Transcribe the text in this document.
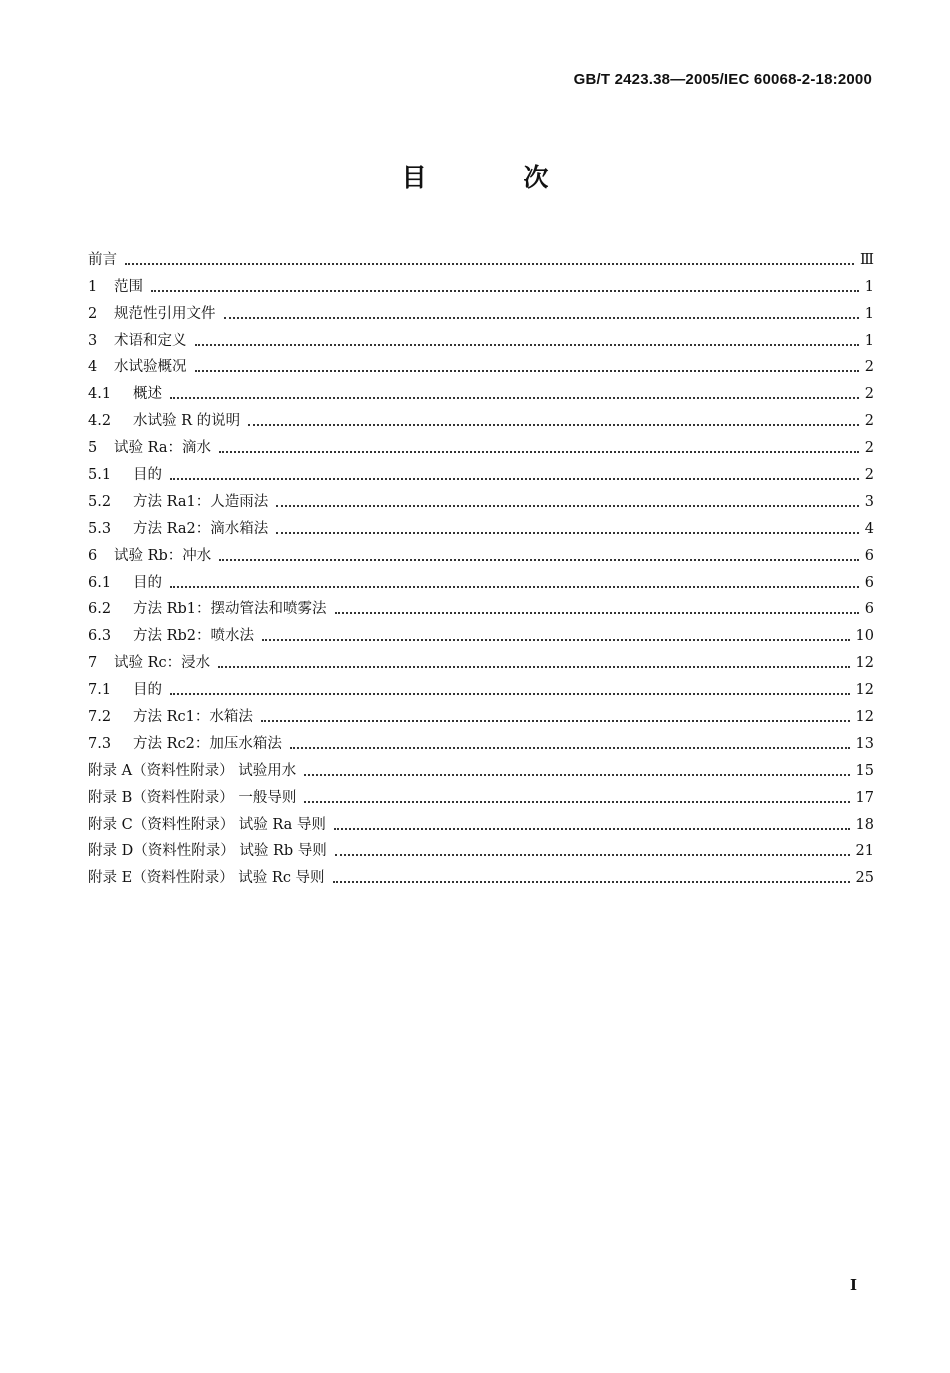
GB/T 2423.38—2005/IEC 60068-2-18:2000
目 次
前言	Ⅲ
1 范围	1
2 规范性引用文件	1
3 术语和定义	1
4 水试验概况	2
4.1 概述	2
4.2 水试验 R 的说明	2
5 试验 Ra：滴水	2
5.1 目的	2
5.2 方法 Ra1：人造雨法	3
5.3 方法 Ra2：滴水箱法	4
6 试验 Rb：冲水	6
6.1 目的	6
6.2 方法 Rb1：摆动管法和喷雾法	6
6.3 方法 Rb2：喷水法	10
7 试验 Rc：浸水	12
7.1 目的	12
7.2 方法 Rc1：水箱法	12
7.3 方法 Rc2：加压水箱法	13
附录 A（资料性附录） 试验用水	15
附录 B（资料性附录） 一般导则	17
附录 C（资料性附录） 试验 Ra 导则	18
附录 D（资料性附录） 试验 Rb 导则	21
附录 E（资料性附录） 试验 Rc 导则	25
I
